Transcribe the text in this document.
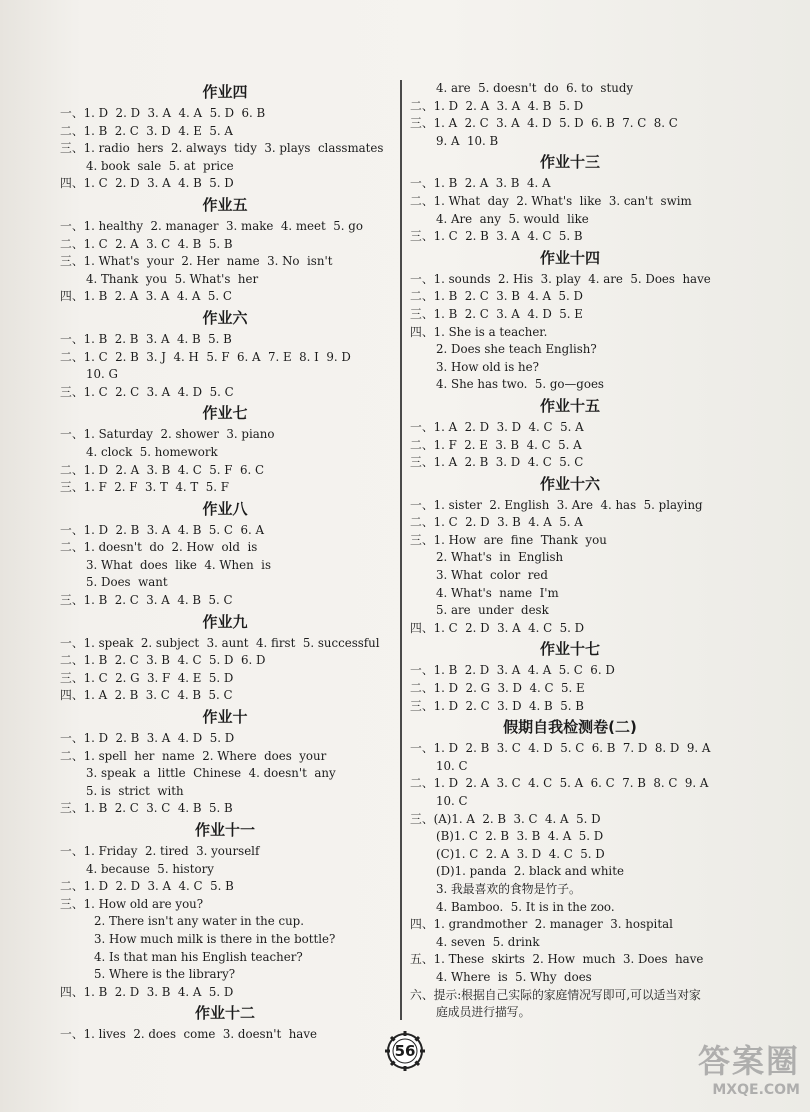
作业四
一、1. D  2. D  3. A  4. A  5. D  6. B
二、1. B  2. C  3. D  4. E  5. A
三、1. radio  hers  2. always  tidy  3. plays  classmates
4. book  sale  5. at  price
四、1. C  2. D  3. A  4. B  5. D
作业五
一、1. healthy  2. manager  3. make  4. meet  5. go
二、1. C  2. A  3. C  4. B  5. B
三、1. What's  your  2. Her  name  3. No  isn't
4. Thank  you  5. What's  her
四、1. B  2. A  3. A  4. A  5. C
作业六
一、1. B  2. B  3. A  4. B  5. B
二、1. C  2. B  3. J  4. H  5. F  6. A  7. E  8. I  9. D
10. G
三、1. C  2. C  3. A  4. D  5. C
作业七
一、1. Saturday  2. shower  3. piano
4. clock  5. homework
二、1. D  2. A  3. B  4. C  5. F  6. C
三、1. F  2. F  3. T  4. T  5. F
作业八
一、1. D  2. B  3. A  4. B  5. C  6. A
二、1. doesn't  do  2. How  old  is
3. What  does  like  4. When  is
5. Does  want
三、1. B  2. C  3. A  4. B  5. C
作业九
一、1. speak  2. subject  3. aunt  4. first  5. successful
二、1. B  2. C  3. B  4. C  5. D  6. D
三、1. C  2. G  3. F  4. E  5. D
四、1. A  2. B  3. C  4. B  5. C
作业十
一、1. D  2. B  3. A  4. D  5. D
二、1. spell  her  name  2. Where  does  your
3. speak  a  little  Chinese  4. doesn't  any
5. is  strict  with
三、1. B  2. C  3. C  4. B  5. B
作业十一
一、1. Friday  2. tired  3. yourself
4. because  5. history
二、1. D  2. D  3. A  4. C  5. B
三、1. How old are you?
2. There isn't any water in the cup.
3. How much milk is there in the bottle?
4. Is that man his English teacher?
5. Where is the library?
四、1. B  2. D  3. B  4. A  5. D
作业十二
一、1. lives  2. does  come  3. doesn't  have
4. are  5. doesn't  do  6. to  study
二、1. D  2. A  3. A  4. B  5. D
三、1. A  2. C  3. A  4. D  5. D  6. B  7. C  8. C
9. A  10. B
作业十三
一、1. B  2. A  3. B  4. A
二、1. What  day  2. What's  like  3. can't  swim
4. Are  any  5. would  like
三、1. C  2. B  3. A  4. C  5. B
作业十四
一、1. sounds  2. His  3. play  4. are  5. Does  have
二、1. B  2. C  3. B  4. A  5. D
三、1. B  2. C  3. A  4. D  5. E
四、1. She is a teacher.
2. Does she teach English?
3. How old is he?
4. She has two.  5. go—goes
作业十五
一、1. A  2. D  3. D  4. C  5. A
二、1. F  2. E  3. B  4. C  5. A
三、1. A  2. B  3. D  4. C  5. C
作业十六
一、1. sister  2. English  3. Are  4. has  5. playing
二、1. C  2. D  3. B  4. A  5. A
三、1. How  are  fine  Thank  you
2. What's  in  English
3. What  color  red
4. What's  name  I'm
5. are  under  desk
四、1. C  2. D  3. A  4. C  5. D
作业十七
一、1. B  2. D  3. A  4. A  5. C  6. D
二、1. D  2. G  3. D  4. C  5. E
三、1. D  2. C  3. D  4. B  5. B
假期自我检测卷(二)
一、1. D  2. B  3. C  4. D  5. C  6. B  7. D  8. D  9. A
10. C
二、1. D  2. A  3. C  4. C  5. A  6. C  7. B  8. C  9. A
10. C
三、(A)1. A  2. B  3. C  4. A  5. D
(B)1. C  2. B  3. B  4. A  5. D
(C)1. C  2. A  3. D  4. C  5. D
(D)1. panda  2. black and white
3. 我最喜欢的食物是竹子。
4. Bamboo.  5. It is in the zoo.
四、1. grandmother  2. manager  3. hospital
4. seven  5. drink
五、1. These  skirts  2. How  much  3. Does  have
4. Where  is  5. Why  does
六、提示:根据自己实际的家庭情况写即可,可以适当对家
庭成员进行描写。
56	答案圈
MXQE.COM
